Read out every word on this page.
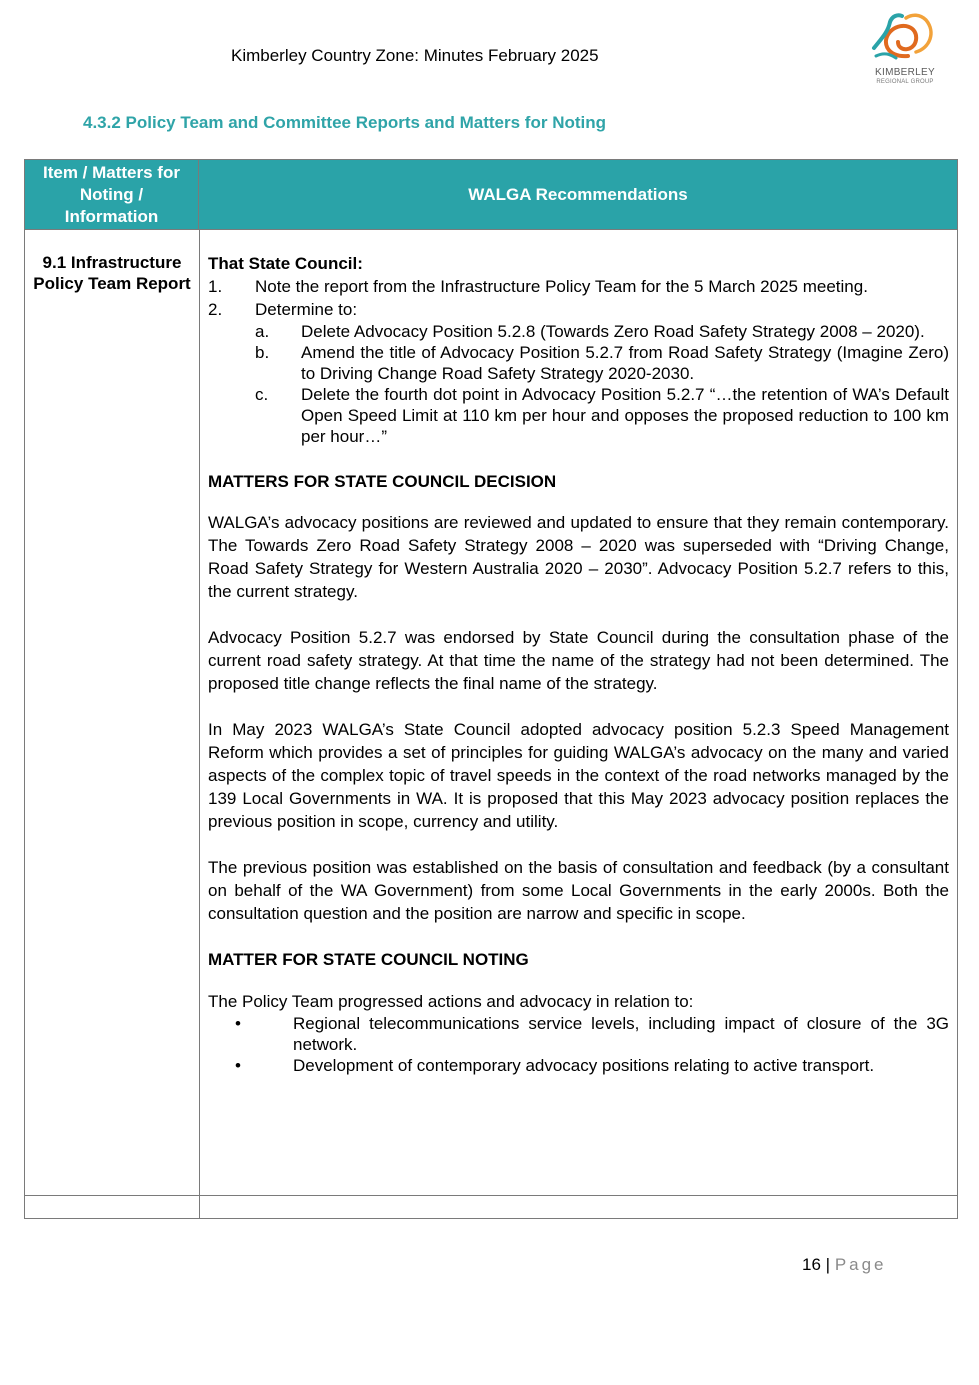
Kimberley Country Zone: Minutes February 2025
KIMBERLEY
REGIONAL GROUP
4.3.2 Policy Team and Committee Reports and Matters for Noting
Item / Matters for Noting / Information
WALGA Recommendations
9.1 Infrastructure Policy Team Report
That State Council:
1.	Note the report from the Infrastructure Policy Team for the 5 March 2025 meeting.
2.	Determine to:
a.	Delete Advocacy Position 5.2.8 (Towards Zero Road Safety Strategy 2008 – 2020).
b.	Amend the title of Advocacy Position 5.2.7 from Road Safety Strategy (Imagine Zero) to Driving Change Road Safety Strategy 2020-2030.
c.	Delete the fourth dot point in Advocacy Position 5.2.7 “…the retention of WA’s Default Open Speed Limit at 110 km per hour and opposes the proposed reduction to 100 km per hour…”
MATTERS FOR STATE COUNCIL DECISION
WALGA’s advocacy positions are reviewed and updated to ensure that they remain contemporary. The Towards Zero Road Safety Strategy 2008 – 2020 was superseded with “Driving Change, Road Safety Strategy for Western Australia 2020 – 2030”. Advocacy Position 5.2.7 refers to this, the current strategy.
Advocacy Position 5.2.7 was endorsed by State Council during the consultation phase of the current road safety strategy. At that time the name of the strategy had not been determined. The proposed title change reflects the final name of the strategy.
In May 2023 WALGA’s State Council adopted advocacy position 5.2.3 Speed Management Reform which provides a set of principles for guiding WALGA’s advocacy on the many and varied aspects of the complex topic of travel speeds in the context of the road networks managed by the 139 Local Governments in WA. It is proposed that this May 2023 advocacy position replaces the previous position in scope, currency and utility.
The previous position was established on the basis of consultation and feedback (by a consultant on behalf of the WA Government) from some Local Governments in the early 2000s. Both the consultation question and the position are narrow and specific in scope.
MATTER FOR STATE COUNCIL NOTING
The Policy Team progressed actions and advocacy in relation to:
•	Regional telecommunications service levels, including impact of closure of the 3G network.
•	Development of contemporary advocacy positions relating to active transport.
16 | Page
